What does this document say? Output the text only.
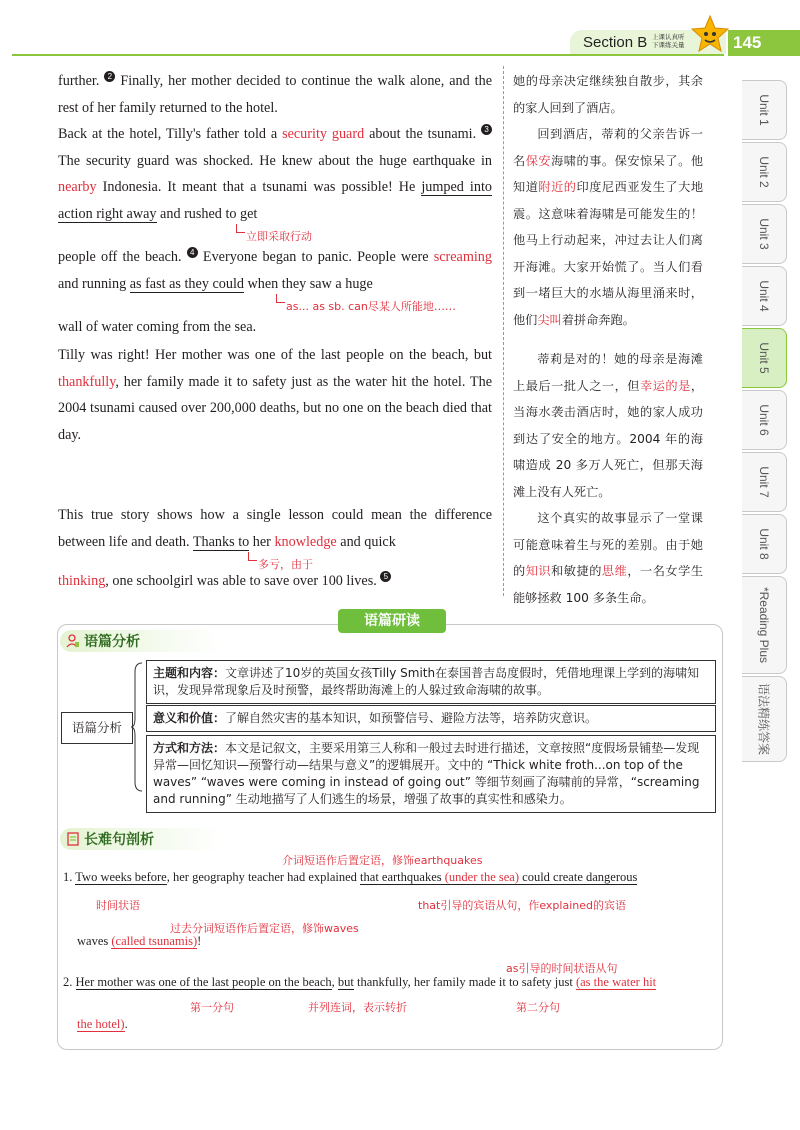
Section B 上课认真听
下课练关量	145
further. 2 Finally, her mother decided to continue the walk alone, and the rest of her family returned to the hotel.
Back at the hotel, Tilly's father told a security guard about the tsunami. 3 The security guard was shocked. He knew about the huge earthquake in nearby Indonesia. It meant that a tsunami was possible! He jumped into action right away and rushed to get
立即采取行动
people off the beach. 4 Everyone began to panic. People were screaming and running as fast as they could when they saw a huge
as... as sb. can尽某人所能地……
wall of water coming from the sea.
Tilly was right! Her mother was one of the last people on the beach, but thankfully, her family made it to safety just as the water hit the hotel. The 2004 tsunami caused over 200,000 deaths, but no one on the beach died that day.
This true story shows how a single lesson could mean the difference between life and death. Thanks to her knowledge and quick
多亏，由于
thinking, one schoolgirl was able to save over 100 lives. 5

她的母亲决定继续独自散步，其余的家人回到了酒店。

回到酒店，蒂莉的父亲告诉一名保安海啸的事。保安惊呆了。他知道附近的印度尼西亚发生了大地震。这意味着海啸是可能发生的！他马上行动起来，冲过去让人们离开海滩。大家开始慌了。当人们看到一堵巨大的水墙从海里涌来时，他们尖叫着拼命奔跑。

蒂莉是对的！她的母亲是海滩上最后一批人之一，但幸运的是，当海水袭击酒店时，她的家人成功到达了安全的地方。2004 年的海啸造成 20 多万人死亡，但那天海滩上没有人死亡。

这个真实的故事显示了一堂课可能意味着生与死的差别。由于她的知识和敏捷的思维，一名女学生能够拯救 100 多条生命。

Unit 1
Unit 2
Unit 3
Unit 4
Unit 5
Unit 6
Unit 7
Unit 8
*Reading Plus
语法精练答案
语篇研读
语篇分析
语篇分析
主题和内容：文章讲述了10岁的英国女孩Tilly Smith在泰国普吉岛度假时，凭借地理课上学到的海啸知识，发现异常现象后及时预警，最终帮助海滩上的人躲过致命海啸的故事。
意义和价值：了解自然灾害的基本知识，如预警信号、避险方法等，培养防灾意识。
方式和方法：本文是记叙文，主要采用第三人称和一般过去时进行描述，文章按照“度假场景铺垫—发现异常—回忆知识—预警行动—结果与意义”的逻辑展开。文中的 “Thick white froth...on top of the waves” “waves were coming in instead of going out” 等细节刻画了海啸前的异常，“screaming and running” 生动地描写了人们逃生的场景，增强了故事的真实性和感染力。
长难句剖析
介词短语作后置定语，修饰earthquakes
1. Two weeks before, her geography teacher had explained that earthquakes (under the sea) could create dangerous
时间状语	that引导的宾语从句，作explained的宾语
过去分词短语作后置定语，修饰waves
waves (called tsunamis)!
as引导的时间状语从句
2. Her mother was one of the last people on the beach, but thankfully, her family made it to safety just (as the water hit
第一分句	并列连词，表示转折	第二分句
the hotel).
